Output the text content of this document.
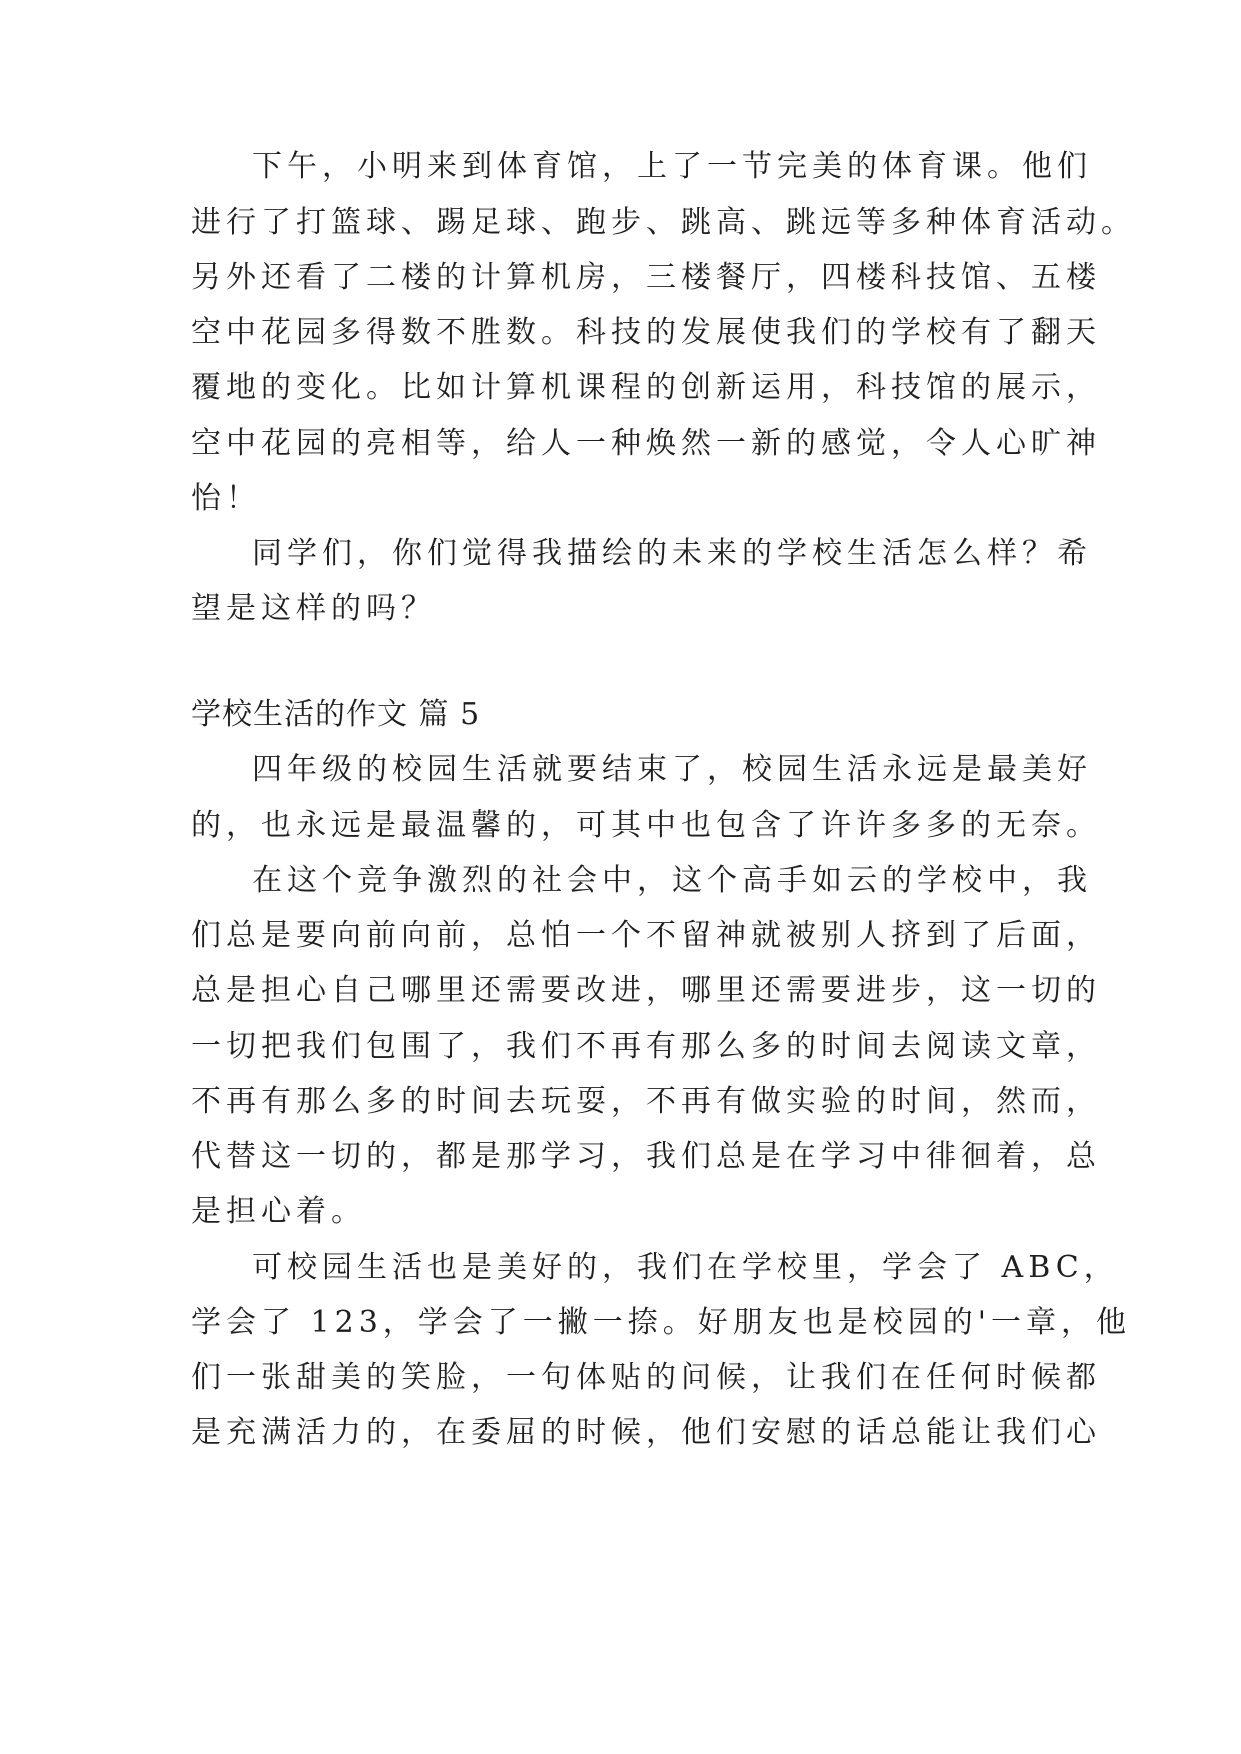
下午，小明来到体育馆，上了一节完美的体育课。他们

进行了打篮球、踢足球、跑步、跳高、跳远等多种体育活动。

另外还看了二楼的计算机房，三楼餐厅，四楼科技馆、五楼

空中花园多得数不胜数。科技的发展使我们的学校有了翻天

覆地的变化。比如计算机课程的创新运用，科技馆的展示，

空中花园的亮相等，给人一种焕然一新的感觉，令人心旷神

怡！

同学们，你们觉得我描绘的未来的学校生活怎么样？希

望是这样的吗？

学校生活的作文 篇 5

四年级的校园生活就要结束了，校园生活永远是最美好

的，也永远是最温馨的，可其中也包含了许许多多的无奈。

在这个竞争激烈的社会中，这个高手如云的学校中，我

们总是要向前向前，总怕一个不留神就被别人挤到了后面，

总是担心自己哪里还需要改进，哪里还需要进步，这一切的

一切把我们包围了，我们不再有那么多的时间去阅读文章，

不再有那么多的时间去玩耍，不再有做实验的时间，然而，

代替这一切的，都是那学习，我们总是在学习中徘徊着，总

是担心着。

可校园生活也是美好的，我们在学校里，学会了 ABC，

学会了 123，学会了一撇一捺。好朋友也是校园的'一章，他

们一张甜美的笑脸，一句体贴的问候，让我们在任何时候都

是充满活力的，在委屈的时候，他们安慰的话总能让我们心
